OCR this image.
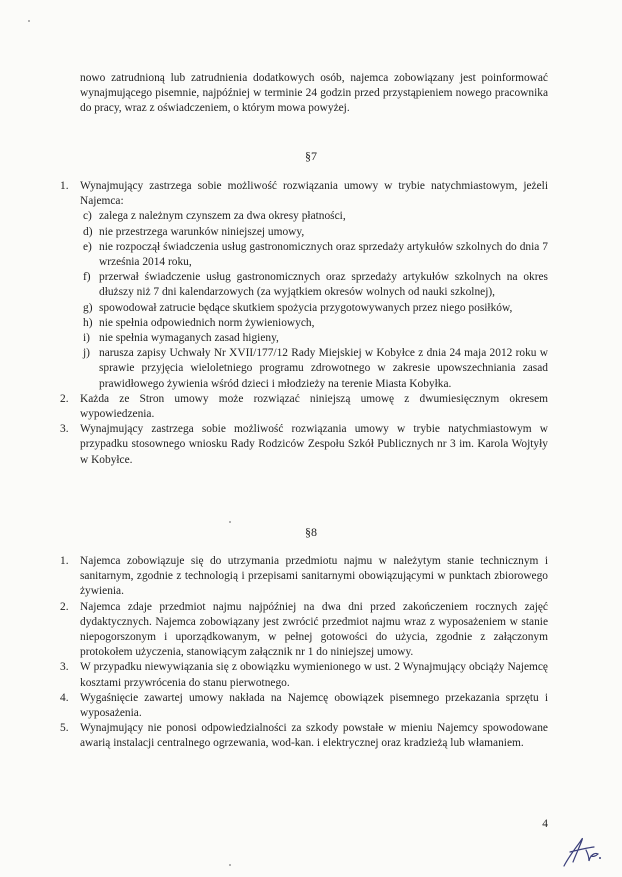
nowo zatrudnioną lub zatrudnienia dodatkowych osób, najemca zobowiązany jest poinformować wynajmującego pisemnie, najpóźniej w terminie 24 godzin przed przystąpieniem nowego pracownika do pracy, wraz z oświadczeniem, o którym mowa powyżej.

§7
1. Wynajmujący zastrzega sobie możliwość rozwiązania umowy w trybie natychmiastowym, jeżeli Najemca:
c) zalega z należnym czynszem za dwa okresy płatności,
d) nie przestrzega warunków niniejszej umowy,
e) nie rozpoczął świadczenia usług gastronomicznych oraz sprzedaży artykułów szkolnych do dnia 7 września 2014 roku,
f) przerwał świadczenie usług gastronomicznych oraz sprzedaży artykułów szkolnych na okres dłuższy niż 7 dni kalendarzowych (za wyjątkiem okresów wolnych od nauki szkolnej),
g) spowodował zatrucie będące skutkiem spożycia przygotowywanych przez niego posiłków,
h) nie spełnia odpowiednich norm żywieniowych,
i) nie spełnia wymaganych zasad higieny,
j) narusza zapisy Uchwały Nr XVII/177/12 Rady Miejskiej w Kobyłce z dnia 24 maja 2012 roku w sprawie przyjęcia wieloletniego programu zdrowotnego w zakresie upowszechniania zasad prawidłowego żywienia wśród dzieci i młodzieży na terenie Miasta Kobyłka.
2. Każda ze Stron umowy może rozwiązać niniejszą umowę z dwumiesięcznym okresem wypowiedzenia.
3. Wynajmujący zastrzega sobie możliwość rozwiązania umowy w trybie natychmiastowym w przypadku stosownego wniosku Rady Rodziców Zespołu Szkół Publicznych nr 3 im. Karola Wojtyły w Kobyłce.
§8
1. Najemca zobowiązuje się do utrzymania przedmiotu najmu w należytym stanie technicznym i sanitarnym, zgodnie z technologią i przepisami sanitarnymi obowiązującymi w punktach zbiorowego żywienia.
2. Najemca zdaje przedmiot najmu najpóźniej na dwa dni przed zakończeniem rocznych zajęć dydaktycznych. Najemca zobowiązany jest zwrócić przedmiot najmu wraz z wyposażeniem w stanie niepogorszonym i uporządkowanym, w pełnej gotowości do użycia, zgodnie z załączonym protokołem użyczenia, stanowiącym załącznik nr 1 do niniejszej umowy.
3. W przypadku niewywiązania się z obowiązku wymienionego w ust. 2 Wynajmujący obciąży Najemcę kosztami przywrócenia do stanu pierwotnego.
4. Wygaśnięcie zawartej umowy nakłada na Najemcę obowiązek pisemnego przekazania sprzętu i wyposażenia.
5. Wynajmujący nie ponosi odpowiedzialności za szkody powstałe w mieniu Najemcy spowodowane awarią instalacji centralnego ogrzewania, wod-kan. i elektrycznej oraz kradzieżą lub włamaniem.
4
